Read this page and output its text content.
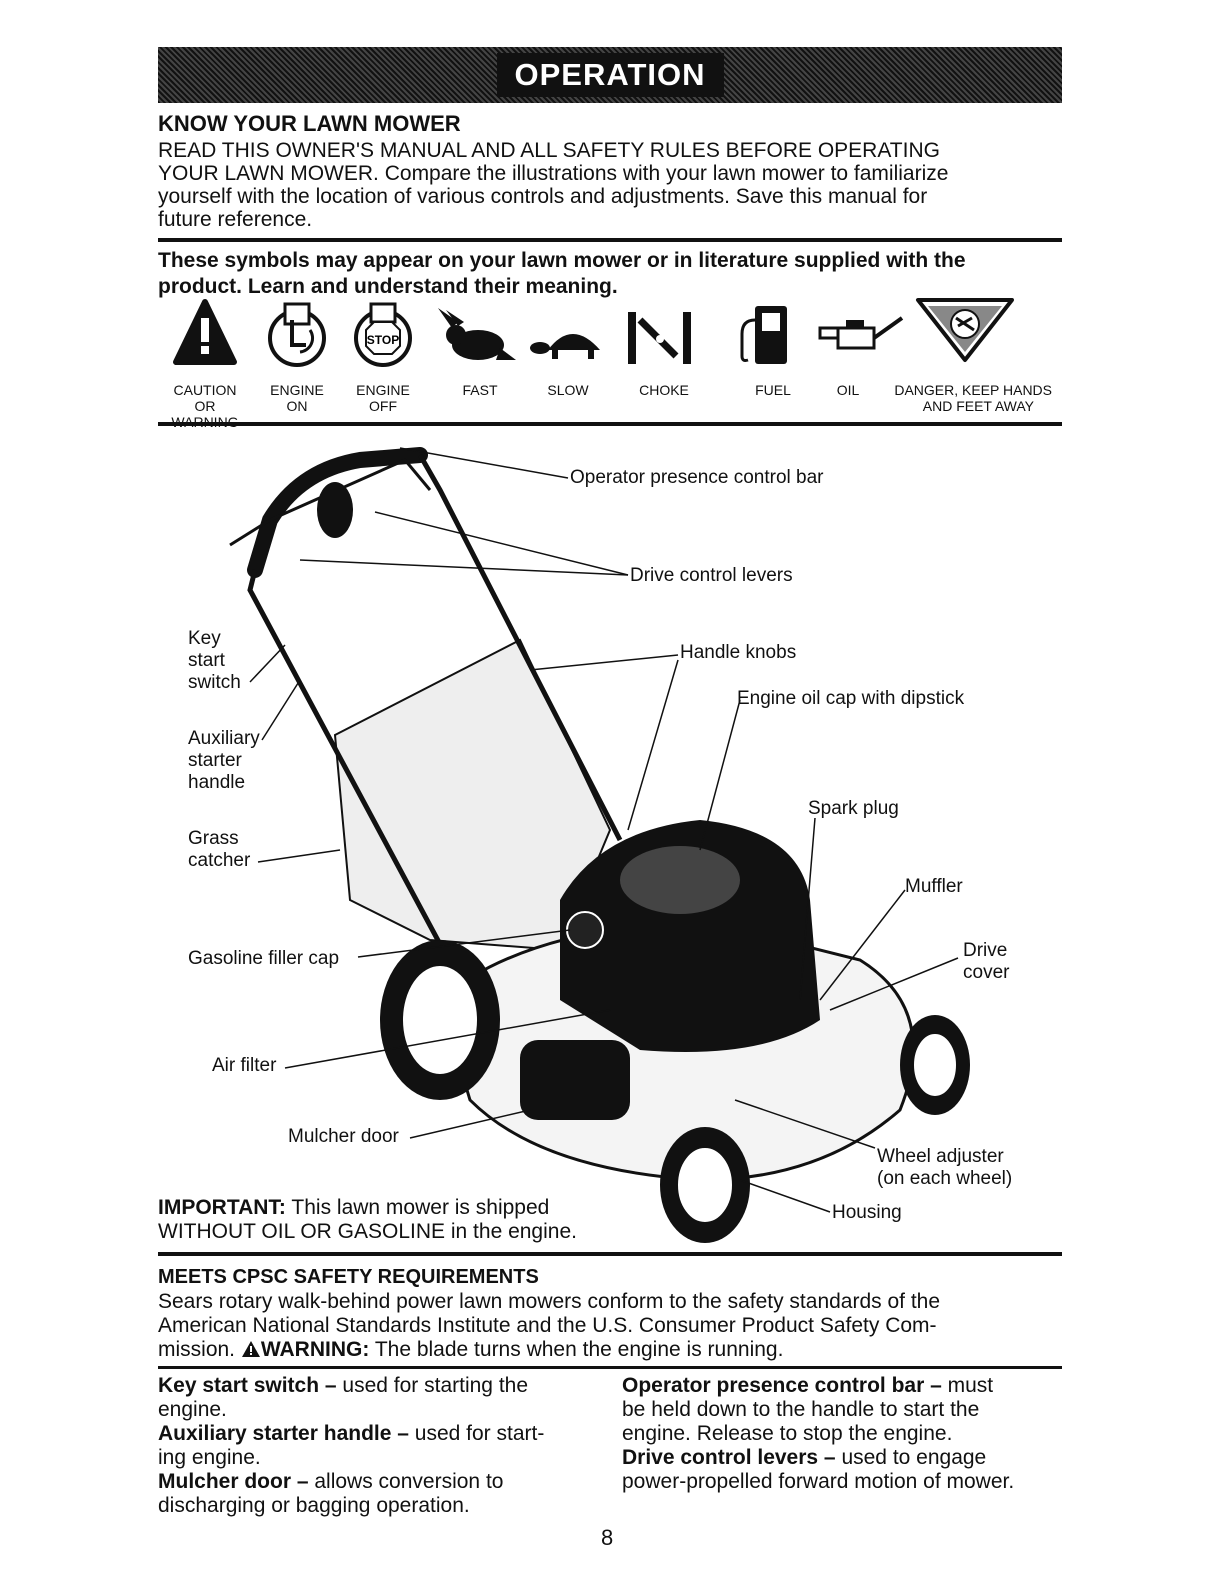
OPERATION
KNOW YOUR LAWN MOWER
READ THIS OWNER'S MANUAL AND ALL SAFETY RULES BEFORE OPERATING
YOUR LAWN MOWER. Compare the illustrations with your lawn mower to familiarize
yourself with the location of various controls and adjustments. Save this manual for
future reference.
These symbols may appear on your lawn mower or in literature supplied with the
product. Learn and understand their meaning.
STOP
CAUTION
OR
ENGINE
ON
ENGINE
OFF
FAST	SLOW	CHOKE	FUEL	OIL	DANGER, KEEP HANDS
AND FEET AWAY
Operator presence control bar
Drive control levers
Key
start
switch
Handle knobs
Auxiliary
starter
handle
Engine oil cap with dipstick
Spark plug
Grass
catcher
Muffler
Drive
cover
Gasoline filler cap
Air filter
Mulcher door
Wheel adjuster
(on each wheel)
Housing
IMPORTANT: This lawn mower is shipped
WITHOUT OIL OR GASOLINE in the engine.
MEETS CPSC SAFETY REQUIREMENTS
Sears rotary walk-behind power lawn mowers conform to the safety standards of the
American National Standards Institute and the U.S. Consumer Product Safety Com-
mission. WARNING: The blade turns when the engine is running.
Key start switch – used for starting the
engine.
Auxiliary starter handle – used for start-
ing engine.
Mulcher door – allows conversion to
discharging or bagging operation.
Operator presence control bar – must
be held down to the handle to start the
engine. Release to stop the engine.
Drive control levers – used to engage
power-propelled forward motion of mower.
8
